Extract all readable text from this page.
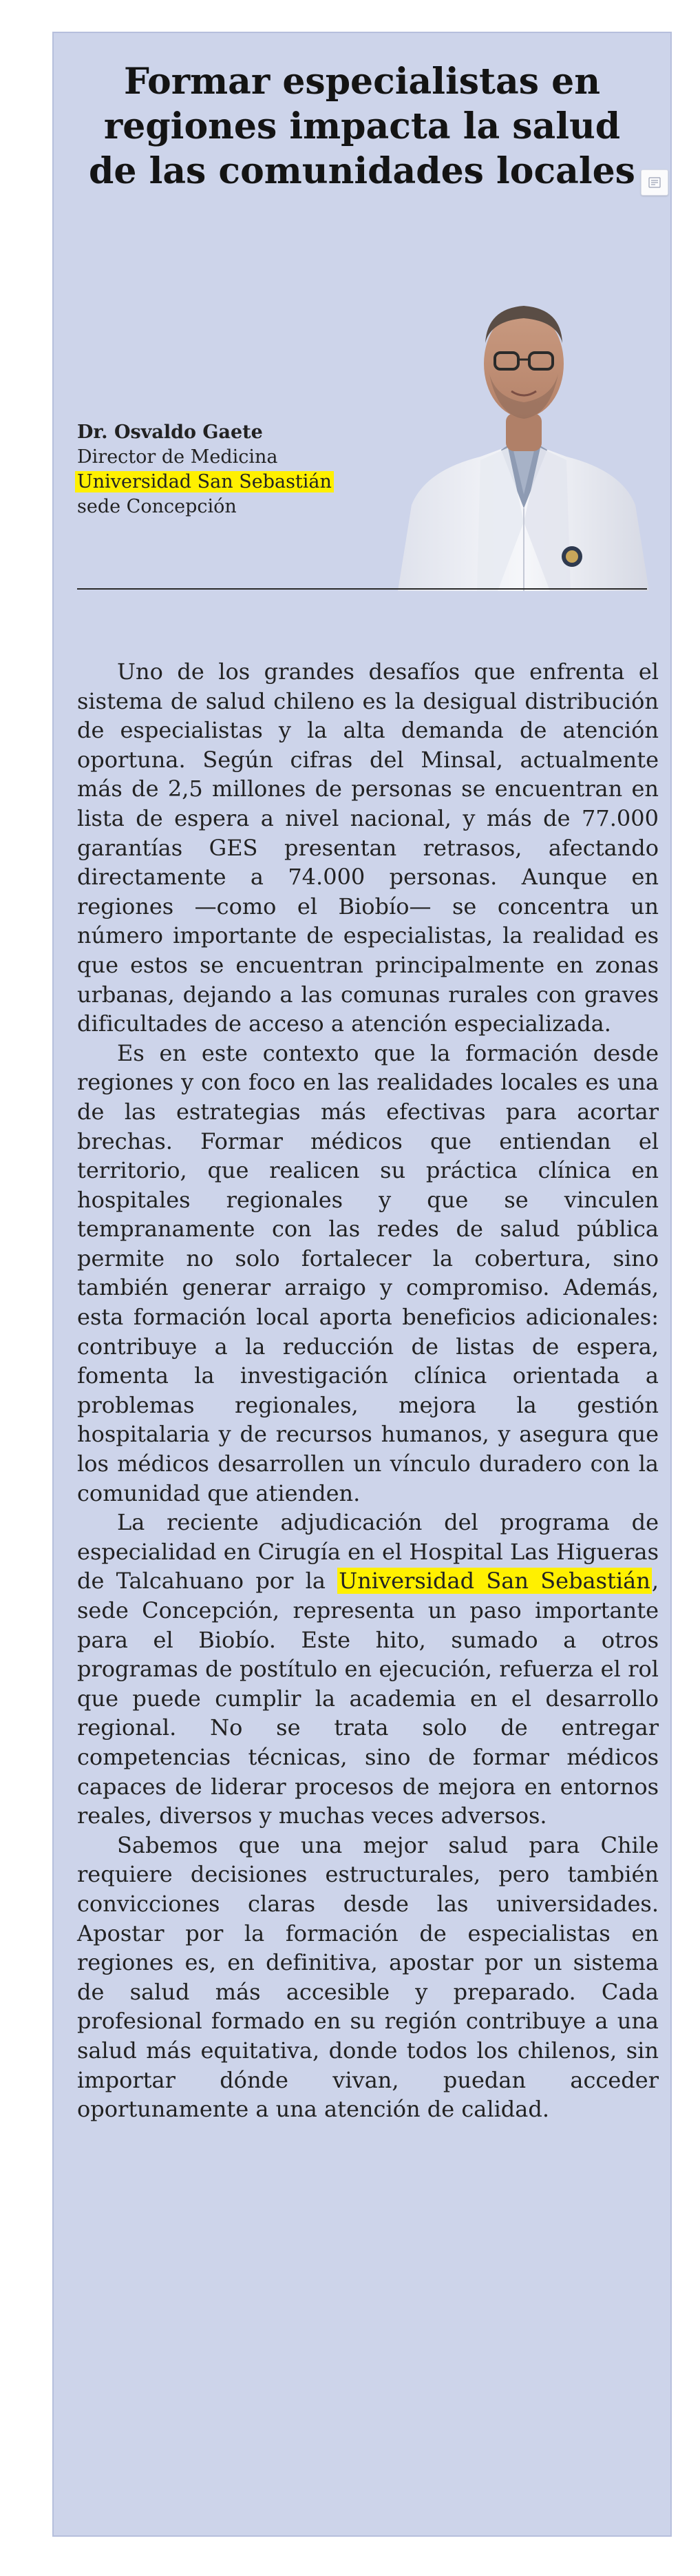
Formar especialistas en regiones impacta la salud de las comunidades locales
Dr. Osvaldo Gaete
Director de Medicina
Universidad San Sebastián
sede Concepción

Uno de los grandes desafíos que enfrenta el sistema de salud chileno es la desigual distribución de especialistas y la alta demanda de atención oportuna. Según cifras del Minsal, actualmente más de 2,5 millones de personas se encuentran en lista de espera a nivel nacional, y más de 77.000 garantías GES presentan retrasos, afectando directamente a 74.000 personas. Aunque en regiones —como el Biobío— se concentra un número importante de especialistas, la realidad es que estos se encuentran principalmente en zonas urbanas, dejando a las comunas rurales con graves dificultades de acceso a atención especializada.

Es en este contexto que la formación desde regiones y con foco en las realidades locales es una de las estrategias más efectivas para acortar brechas. Formar médicos que entiendan el territorio, que realicen su práctica clínica en hospitales regionales y que se vinculen tempranamente con las redes de salud pública permite no solo fortalecer la cobertura, sino también generar arraigo y compromiso. Además, esta formación local aporta beneficios adicionales: contribuye a la reducción de listas de espera, fomenta la investigación clínica orientada a problemas regionales, mejora la gestión hospitalaria y de recursos humanos, y asegura que los médicos desarrollen un vínculo duradero con la comunidad que atienden.

La reciente adjudicación del programa de especialidad en Cirugía en el Hospital Las Higueras de Talcahuano por la Universidad San Sebastián, sede Concepción, representa un paso importante para el Biobío. Este hito, sumado a otros programas de postítulo en ejecución, refuerza el rol que puede cumplir la academia en el desarrollo regional. No se trata solo de entregar competencias técnicas, sino de formar médicos capaces de liderar procesos de mejora en entornos reales, diversos y muchas veces adversos.

Sabemos que una mejor salud para Chile requiere decisiones estructurales, pero también convicciones claras desde las universidades. Apostar por la formación de especialistas en regiones es, en definitiva, apostar por un sistema de salud más accesible y preparado. Cada profesional formado en su región contribuye a una salud más equitativa, donde todos los chilenos, sin importar dónde vivan, puedan acceder oportunamente a una atención de calidad.
